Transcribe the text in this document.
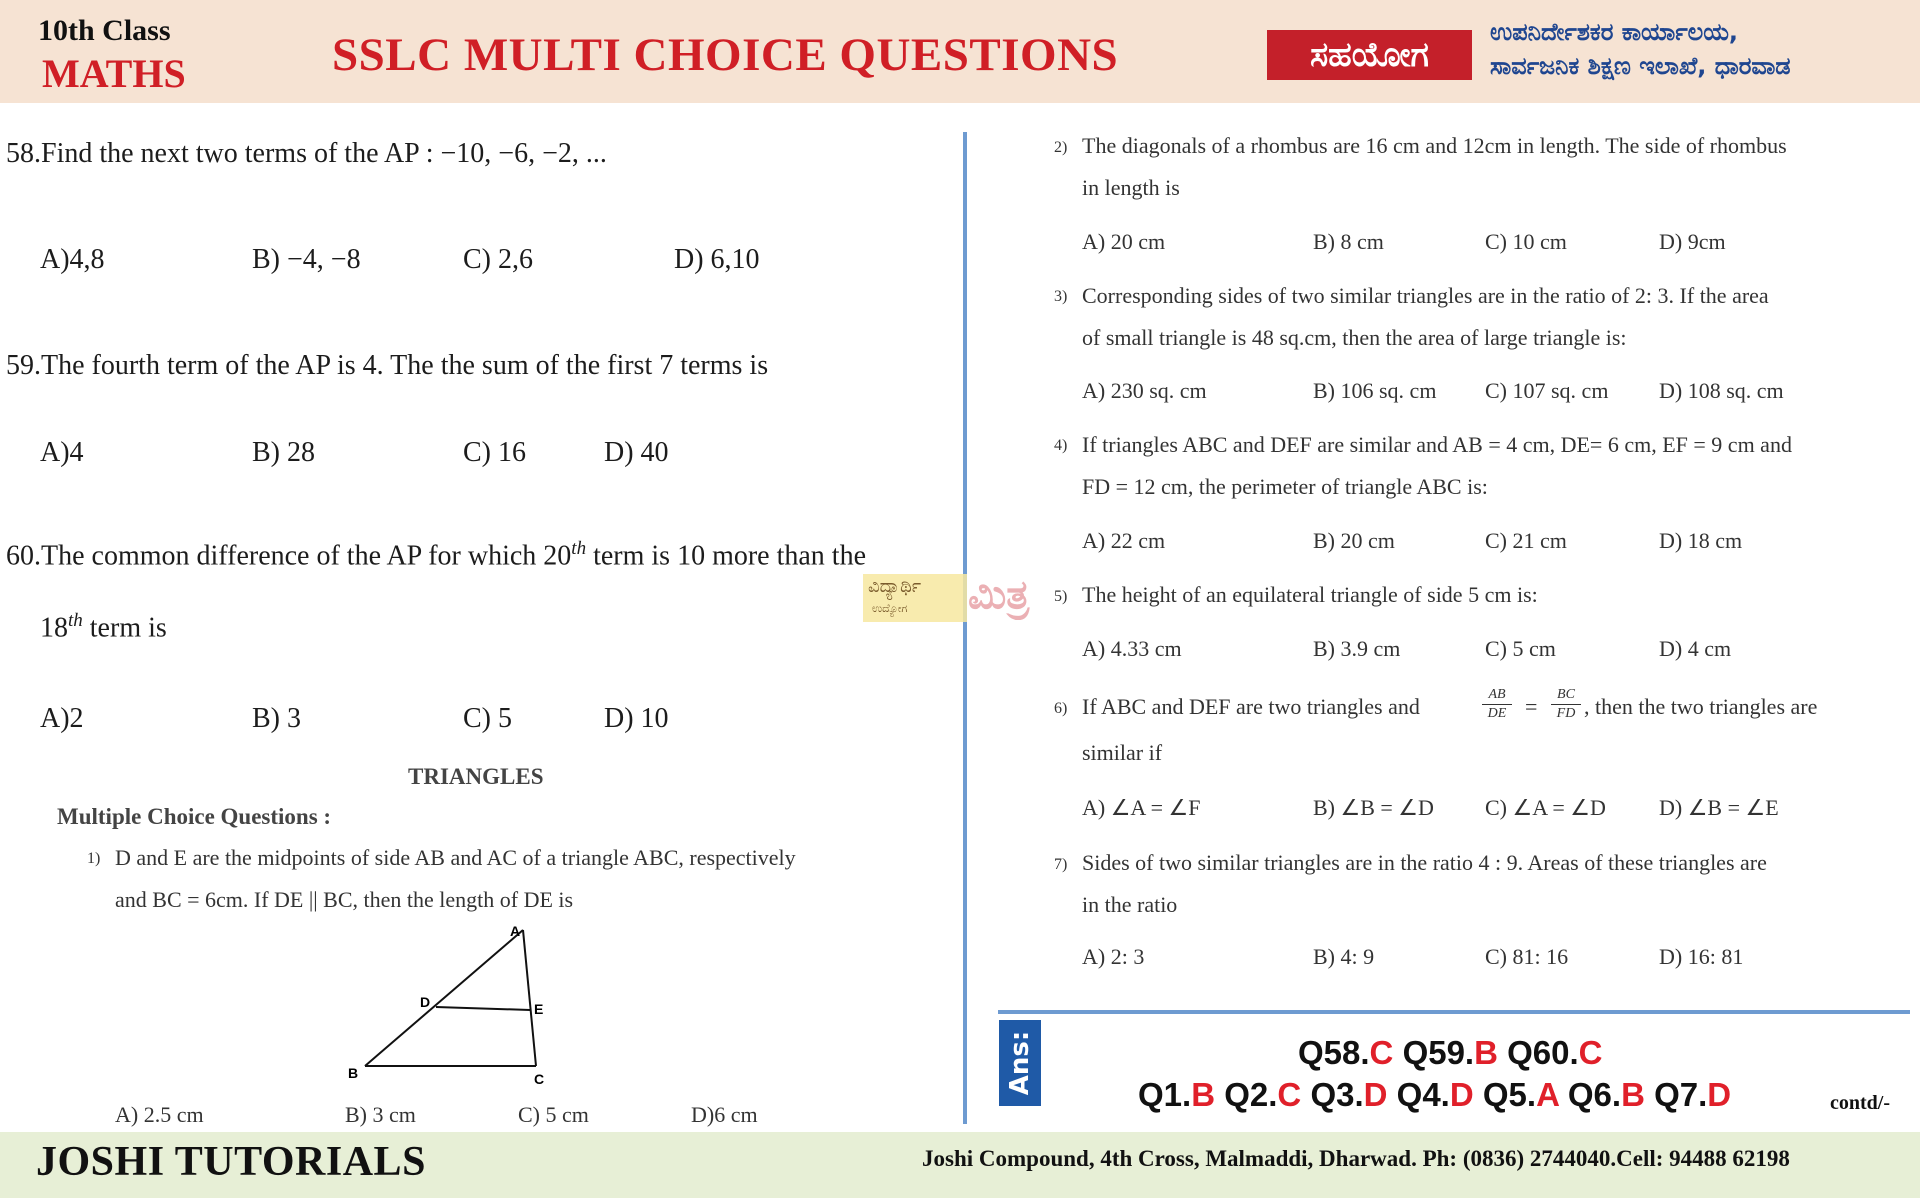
10th Class
MATHS	SSLC MULTI CHOICE QUESTIONS	ಸಹಯೋಗ
ಉಪನಿರ್ದೇಶಕರ ಕಾರ್ಯಾಲಯ,
ಸಾರ್ವಜನಿಕ ಶಿಕ್ಷಣ ಇಲಾಖೆ, ಧಾರವಾಡ
58.Find the next two terms of the AP : −10, −6, −2, ...
A)4,8	B) −4, −8	C) 2,6	D) 6,10
59.The fourth term of the AP is 4. The the sum of the first 7 terms is
A)4	B) 28	C) 16	D) 40
60.The common difference of the AP for which 20th term is 10 more than the
18th term is
A)2	B) 3	C) 5	D) 10
TRIANGLES
Multiple Choice Questions :
1) D and E are the midpoints of side AB and AC of a triangle ABC, respectively
and BC = 6cm. If DE || BC, then the length of DE is
A
D	E
B	C
A) 2.5 cm	B) 3 cm	C) 5 cm	D)6 cm
2) The diagonals of a rhombus are 16 cm and 12cm in length. The side of rhombus
in length is
A) 20 cm	B) 8 cm	C) 10 cm	D) 9cm
3) Corresponding sides of two similar triangles are in the ratio of 2: 3. If the area
of small triangle is 48 sq.cm, then the area of large triangle is:
A) 230 sq. cm	B) 106 sq. cm C) 107 sq. cm D) 108 sq. cm
4) If triangles ABC and DEF are similar and AB = 4 cm, DE= 6 cm, EF = 9 cm and
FD = 12 cm, the perimeter of triangle ABC is:
A) 22 cm	B) 20 cm	C) 21 cm	D) 18 cm
ವಿದ್ಯಾರ್ಥಿ
ಉದ್ಯೋಗ ಮಿತ್ರ 5) The height of an equilateral triangle of side 5 cm is:
A) 4.33 cm	B) 3.9 cm	C) 5 cm	D) 4 cm
6) If ABC and DEF are two triangles and	$\frac{AB}{DE} = \frac{BC}{FD}$ , then the two triangles are
similar if
A) ∠A = ∠F	B) ∠B = ∠D C) ∠A = ∠D D) ∠B = ∠E
7) Sides of two similar triangles are in the ratio 4 : 9. Areas of these triangles are
in the ratio
A) 2: 3	B) 4: 9	C) 81: 16	D) 16: 81
Ans:	Q58.C Q59.B Q60.C
Q1.B Q2.C Q3.D Q4.D Q5.A Q6.B Q7.D	contd/-
JOSHI TUTORIALS	Joshi Compound, 4th Cross, Malmaddi, Dharwad. Ph: (0836) 2744040.Cell: 94488 62198
